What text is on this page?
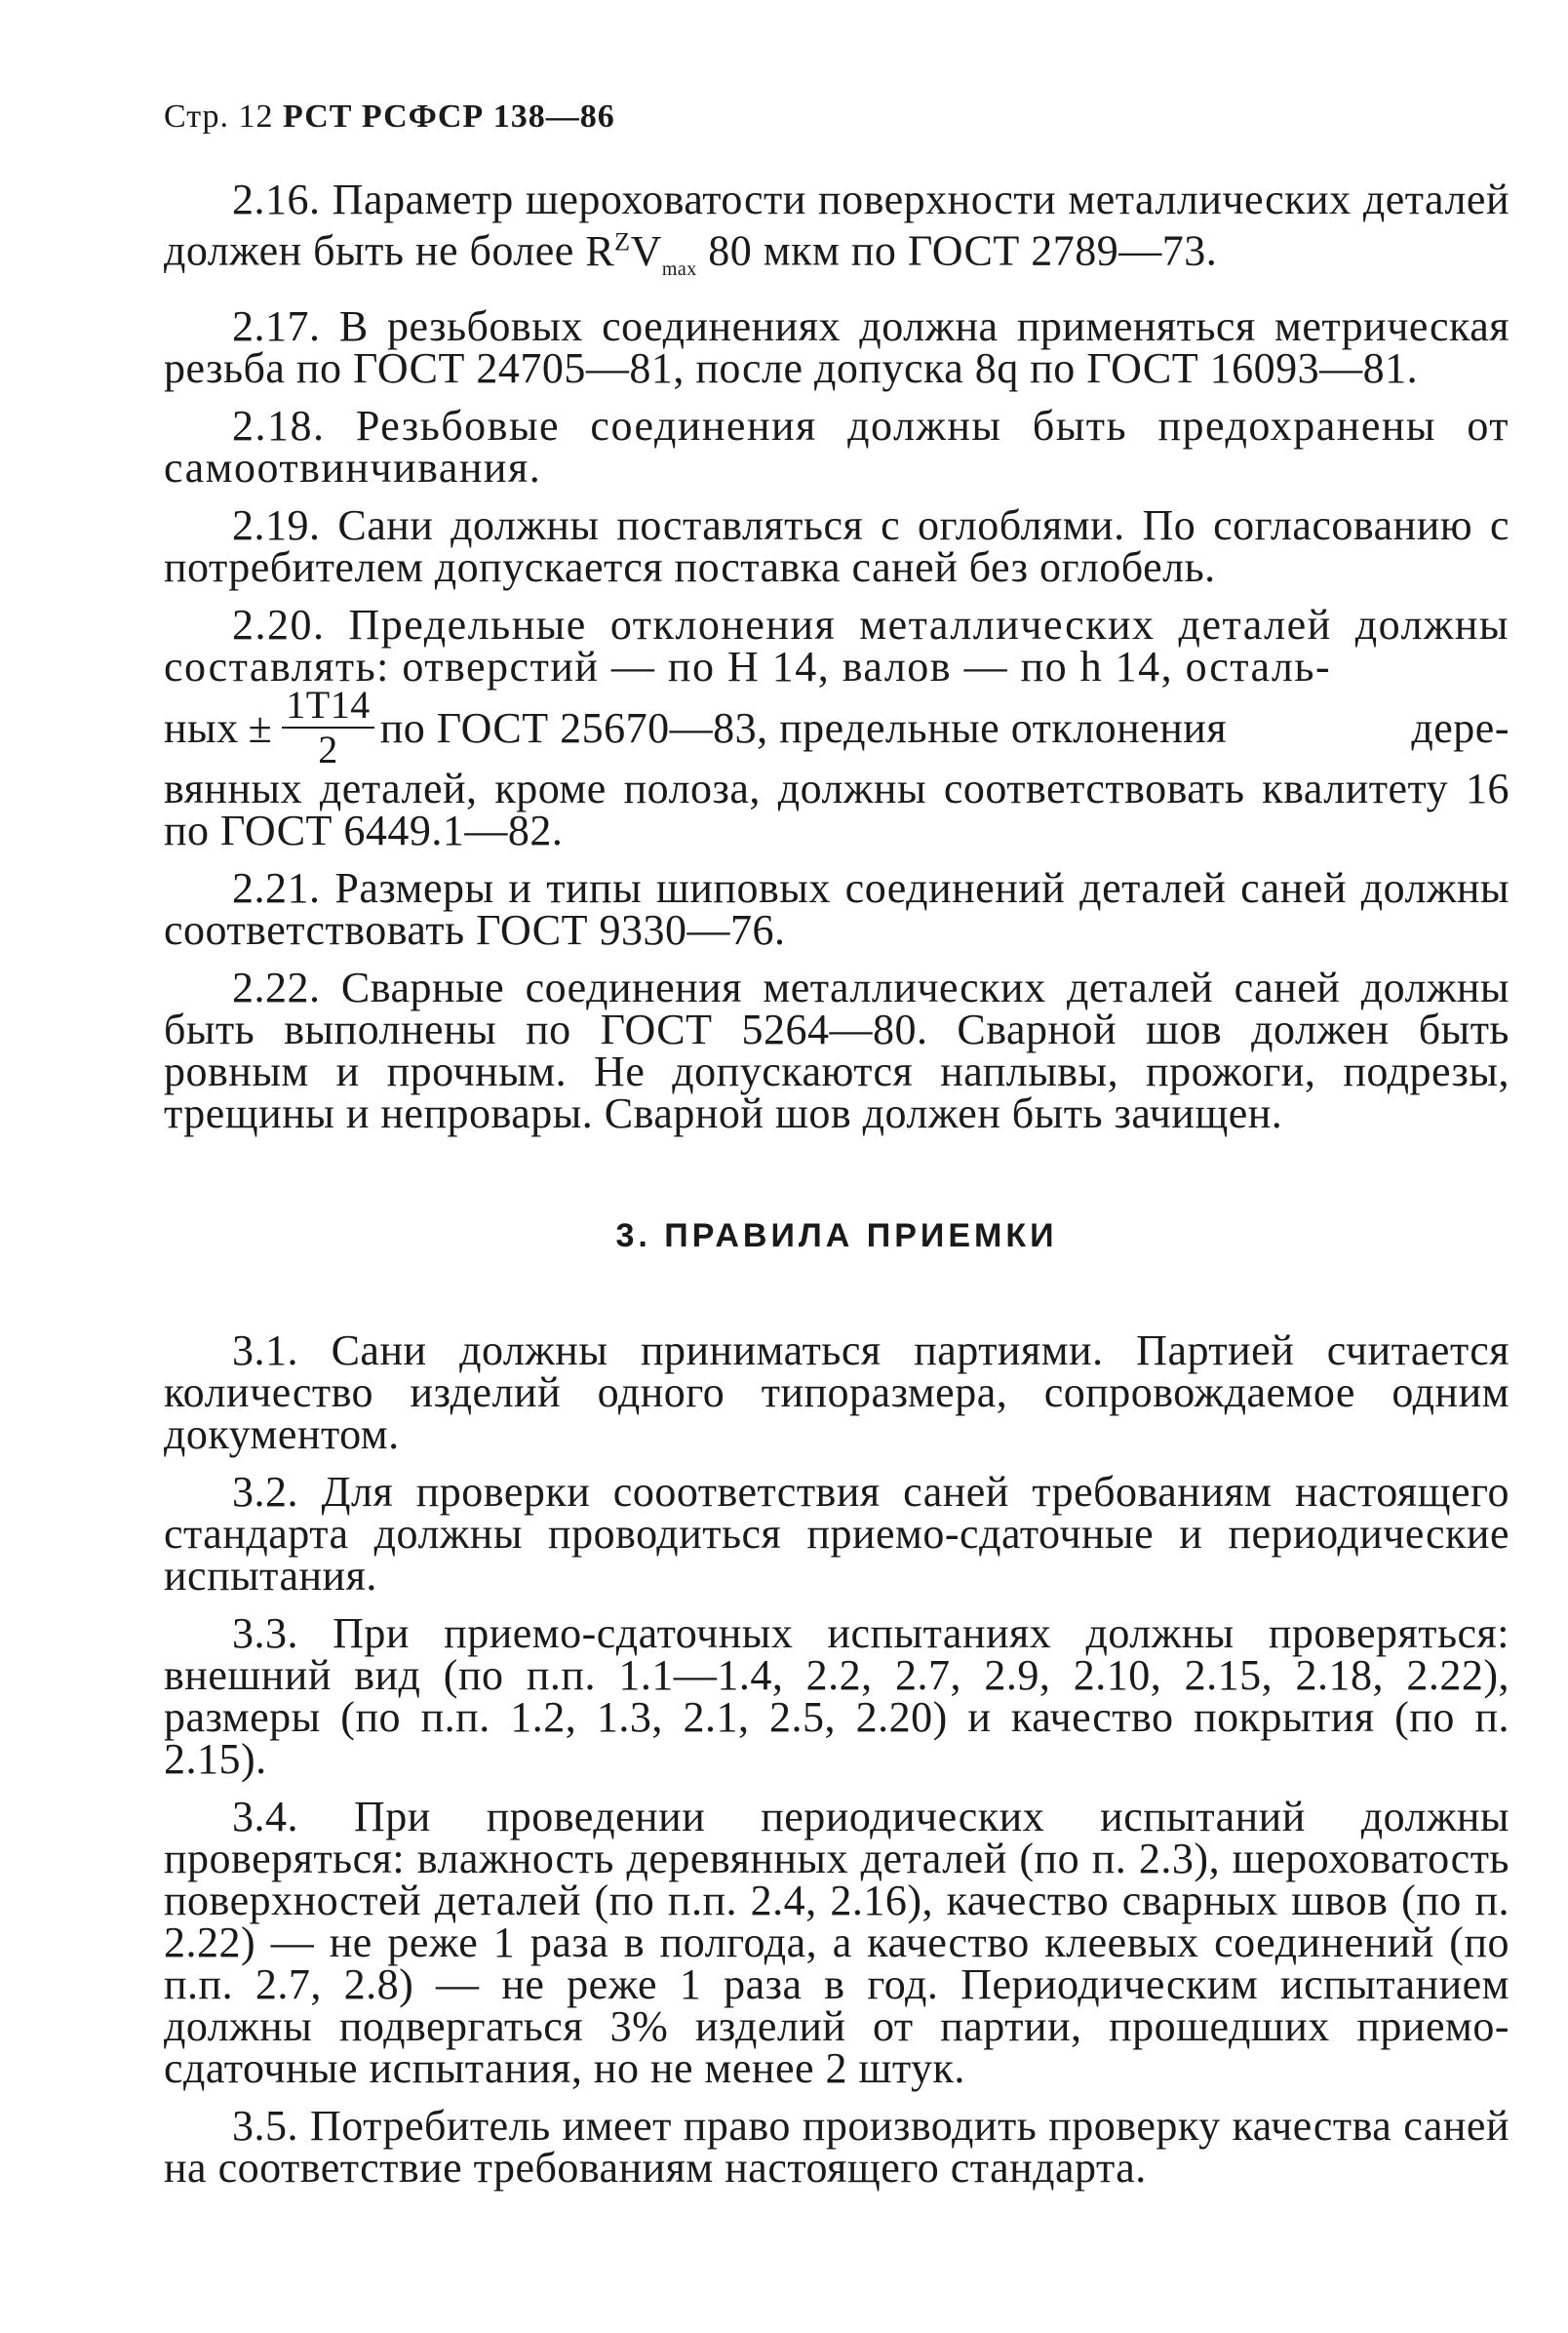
Стр. 12 РСТ РСФСР 138—86

2.16. Параметр шероховатости поверхности металлических деталей должен быть не более $R^ZV_{max}$ 80 мкм по ГОСТ 2789—73.

2.17. В резьбовых соединениях должна применяться метрическая резьба по ГОСТ 24705—81, после допуска 8q по ГОСТ 16093—81.

2.18. Резьбовые соединения должны быть предохранены от самоотвинчивания.

2.19. Сани должны поставляться с оглоблями. По согласованию с потребителем допускается поставка саней без оглобель.

2.20. Предельные отклонения металлических деталей должны составлять: отверстий — по Н 14, валов — по h 14, осталь-

ных ± $\frac{1Т14}{2}$ по ГОСТ 25670—83, предельные отклонения	дере-

вянных деталей, кроме полоза, должны соответствовать квалитету 16 по ГОСТ 6449.1—82.

2.21. Размеры и типы шиповых соединений деталей саней должны соответствовать ГОСТ 9330—76.

2.22. Сварные соединения металлических деталей саней должны быть выполнены по ГОСТ 5264—80. Сварной шов должен быть ровным и прочным. Не допускаются наплывы, прожоги, подрезы, трещины и непровары. Сварной шов должен быть зачищен.

3. ПРАВИЛА ПРИЕМКИ

3.1. Сани должны приниматься партиями. Партией считается количество изделий одного типоразмера, сопровождаемое одним документом.

3.2. Для проверки сооответствия саней требованиям настоящего стандарта должны проводиться приемо-сдаточные и периодические испытания.

3.3. При приемо-сдаточных испытаниях должны проверяться: внешний вид (по п.п. 1.1—1.4, 2.2, 2.7, 2.9, 2.10, 2.15, 2.18, 2.22), размеры (по п.п. 1.2, 1.3, 2.1, 2.5, 2.20) и качество покрытия (по п. 2.15).

3.4. При проведении периодических испытаний должны проверяться: влажность деревянных деталей (по п. 2.3), шероховатость поверхностей деталей (по п.п. 2.4, 2.16), качество сварных швов (по п. 2.22) — не реже 1 раза в полгода, а качество клеевых соединений (по п.п. 2.7, 2.8) — не реже 1 раза в год. Периодическим испытанием должны подвергаться 3% изделий от партии, прошедших приемо-сдаточные испытания, но не менее 2 штук.

3.5. Потребитель имеет право производить проверку качества саней на соответствие требованиям настоящего стандарта.
